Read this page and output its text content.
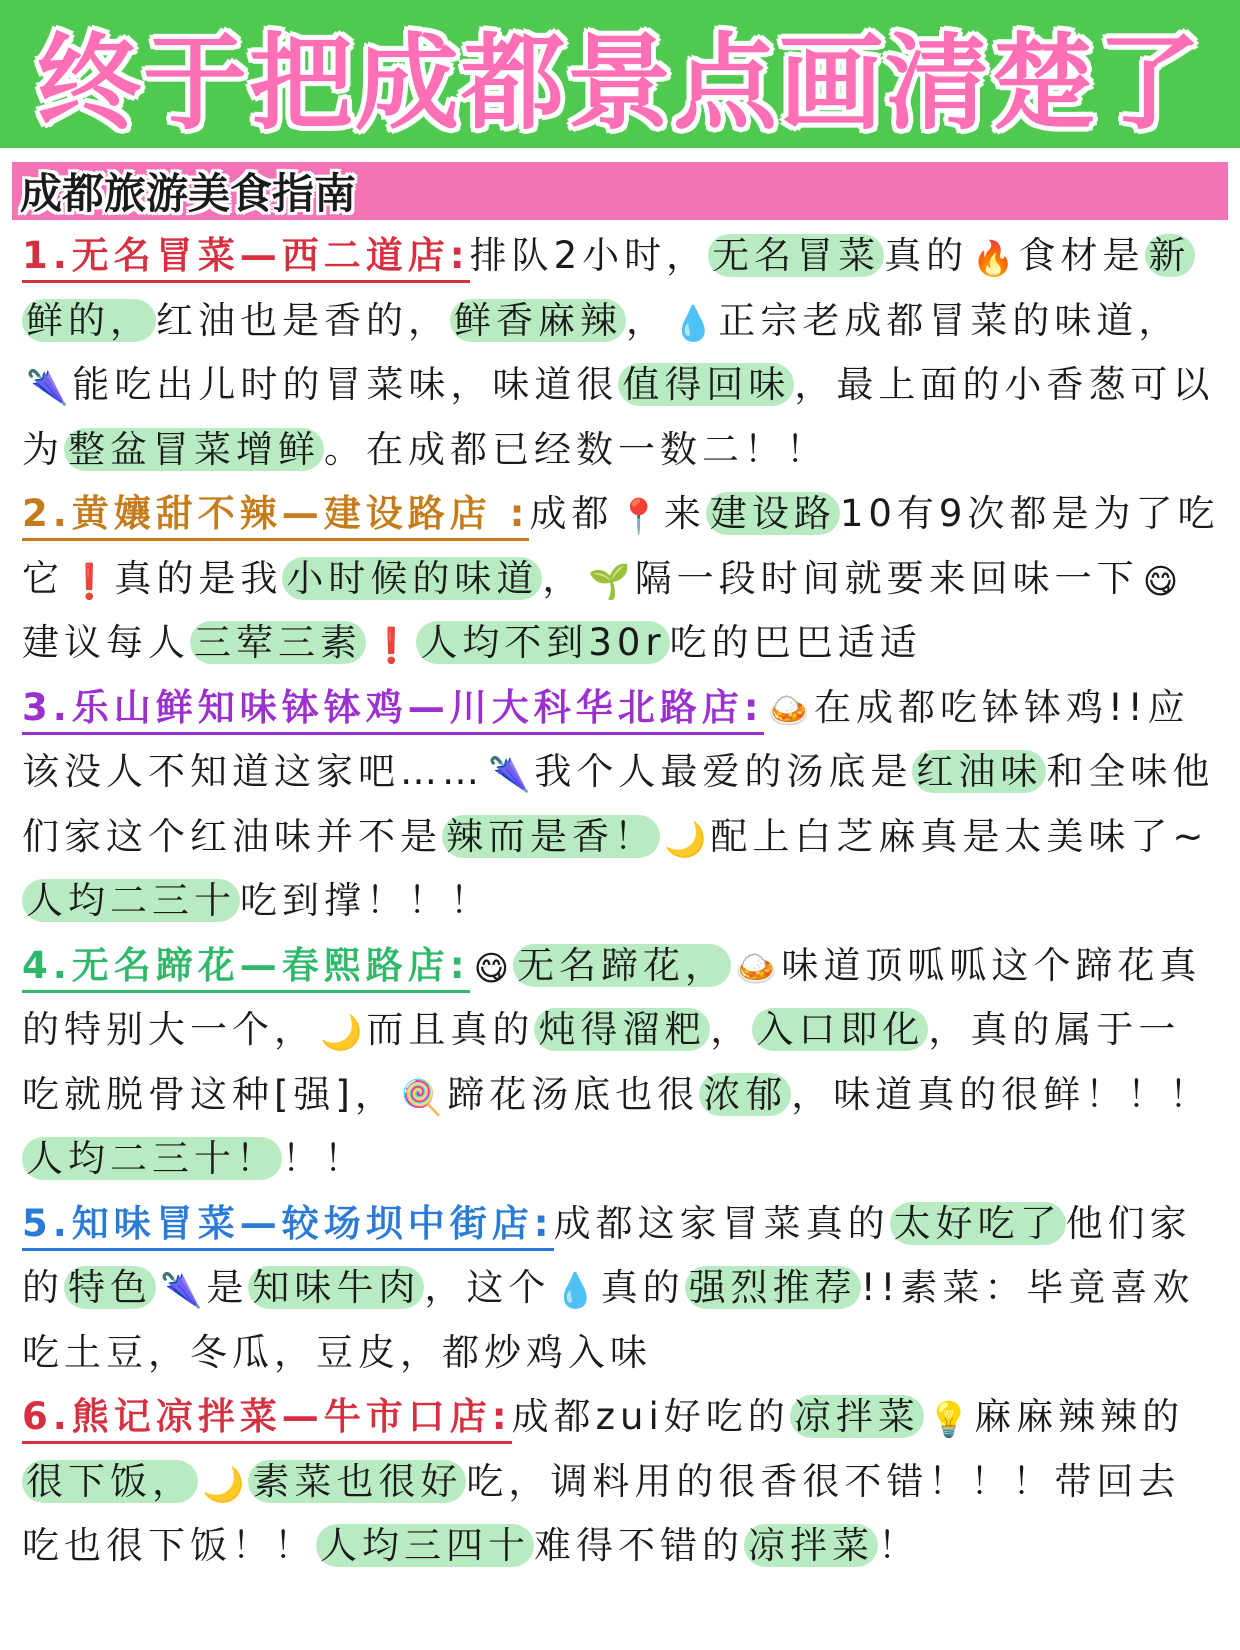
终于把成都景点画清楚了
成都旅游美食指南

1.无名冒菜—西二道店:排队2小时， 无名冒菜 真的 🔥 食材是 新鲜的， 红油也是香的， 鲜香麻辣 ， 💧 正宗老成都冒菜的味道，🌂 能吃出儿时的冒菜味，味道很 值得回味 ，最上面的小香葱可以为 整盆冒菜增鲜 。在成都已经数一数二！！

2.黄孃甜不辣—建设路店 :成都 📍 来 建设路 10有9次都是为了吃它 ❗ 真的是我 小时候的味道 ， 🌱 隔一段时间就要来回味一下 😋建议每人 三荤三素 ❗ 人均不到30r 吃的巴巴适适

3.乐山鲜知味钵钵鸡—川大科华北路店: 🍛 在成都吃钵钵鸡!!应该没人不知道这家吧…… 🌂 我个人最爱的汤底是 红油味 和全味他们家这个红油味并不是 辣而是香！ 🌙 配上白芝麻真是太美味了~人均二三十 吃到撑！！！

4.无名蹄花—春熙路店: 😋 无名蹄花， 🍛 味道顶呱呱这个蹄花真的特别大一个， 🌙 而且真的 炖得溜粑 ， 入口即化 ，真的属于一吃就脱骨这种[强]， 🍭 蹄花汤底也很 浓郁 ，味道真的很鲜！！！人均二三十！ ！！

5.知味冒菜—较场坝中街店:成都这家冒菜真的 太好吃了 他们家的 特色 🌂 是 知味牛肉 ，这个 💧 真的 强烈推荐 !!素菜：毕竟喜欢吃土豆，冬瓜，豆皮，都炒鸡入味

6.熊记凉拌菜—牛市口店:成都zui好吃的 凉拌菜 💡 麻麻辣辣的很下饭， 🌙 素菜也很好 吃，调料用的很香很不错！！！带回去吃也很下饭！！ 人均三四十 难得不错的 凉拌菜 ！
